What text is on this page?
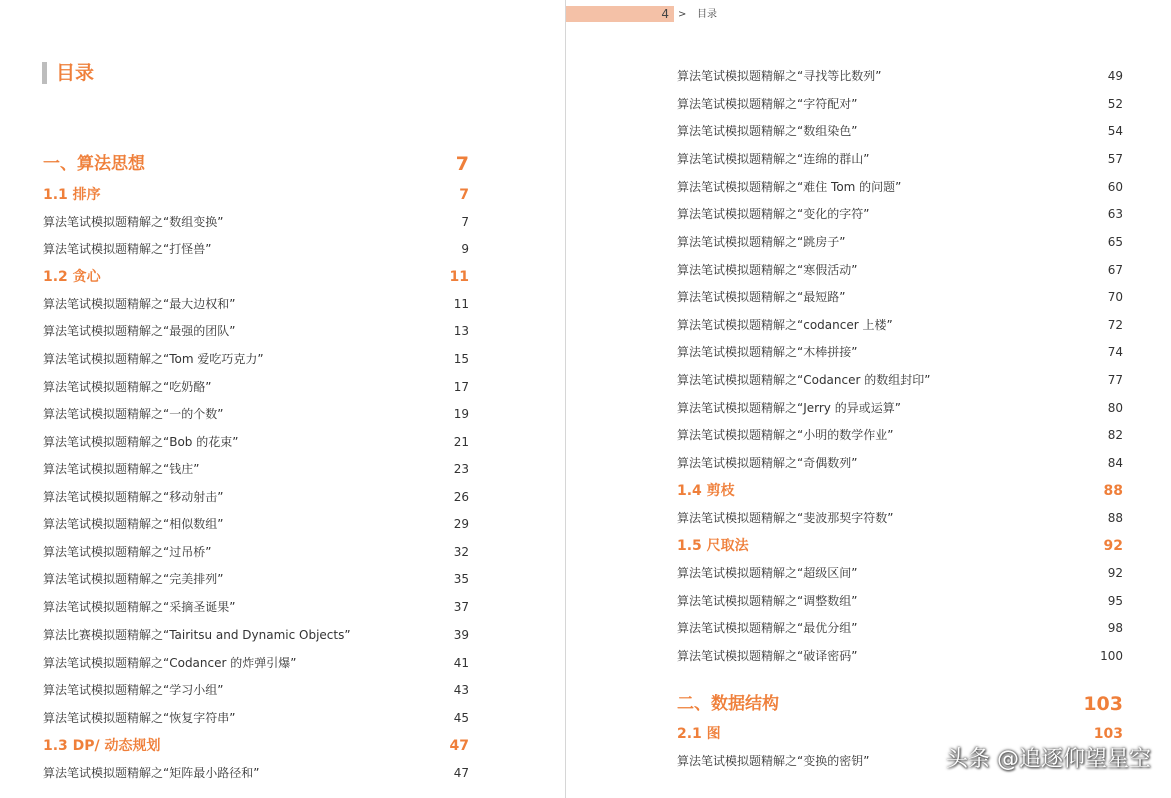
4 > 目录
目录
一、算法思想	7
1.1 排序	7
算法笔试模拟题精解之“数组变换”	7
算法笔试模拟题精解之“打怪兽”	9
1.2 贪心	11
算法笔试模拟题精解之“最大边权和”	11
算法笔试模拟题精解之“最强的团队”	13
算法笔试模拟题精解之“Tom 爱吃巧克力”	15
算法笔试模拟题精解之“吃奶酪”	17
算法笔试模拟题精解之“一的个数”	19
算法笔试模拟题精解之“Bob 的花束”	21
算法笔试模拟题精解之“钱庄”	23
算法笔试模拟题精解之“移动射击”	26
算法笔试模拟题精解之“相似数组”	29
算法笔试模拟题精解之“过吊桥”	32
算法笔试模拟题精解之“完美排列”	35
算法笔试模拟题精解之“采摘圣诞果”	37
算法比赛模拟题精解之“Tairitsu and Dynamic Objects”	39
算法笔试模拟题精解之“Codancer 的炸弹引爆”	41
算法笔试模拟题精解之“学习小组”	43
算法笔试模拟题精解之“恢复字符串”	45
1.3 DP/ 动态规划	47
算法笔试模拟题精解之“矩阵最小路径和”	47
算法笔试模拟题精解之“寻找等比数列”	49
算法笔试模拟题精解之“字符配对”	52
算法笔试模拟题精解之“数组染色”	54
算法笔试模拟题精解之“连绵的群山”	57
算法笔试模拟题精解之“难住 Tom 的问题”	60
算法笔试模拟题精解之“变化的字符”	63
算法笔试模拟题精解之“跳房子”	65
算法笔试模拟题精解之“寒假活动”	67
算法笔试模拟题精解之“最短路”	70
算法笔试模拟题精解之“codancer 上楼”	72
算法笔试模拟题精解之“木棒拼接”	74
算法笔试模拟题精解之“Codancer 的数组封印”	77
算法笔试模拟题精解之“Jerry 的异或运算”	80
算法笔试模拟题精解之“小明的数学作业”	82
算法笔试模拟题精解之“奇偶数列”	84
1.4 剪枝	88
算法笔试模拟题精解之“斐波那契字符数”	88
1.5 尺取法	92
算法笔试模拟题精解之“超级区间”	92
算法笔试模拟题精解之“调整数组”	95
算法笔试模拟题精解之“最优分组”	98
算法笔试模拟题精解之“破译密码”	100
二、数据结构	103
2.1 图	103
算法笔试模拟题精解之“变换的密钥”	头条 @追逐仰望星空
